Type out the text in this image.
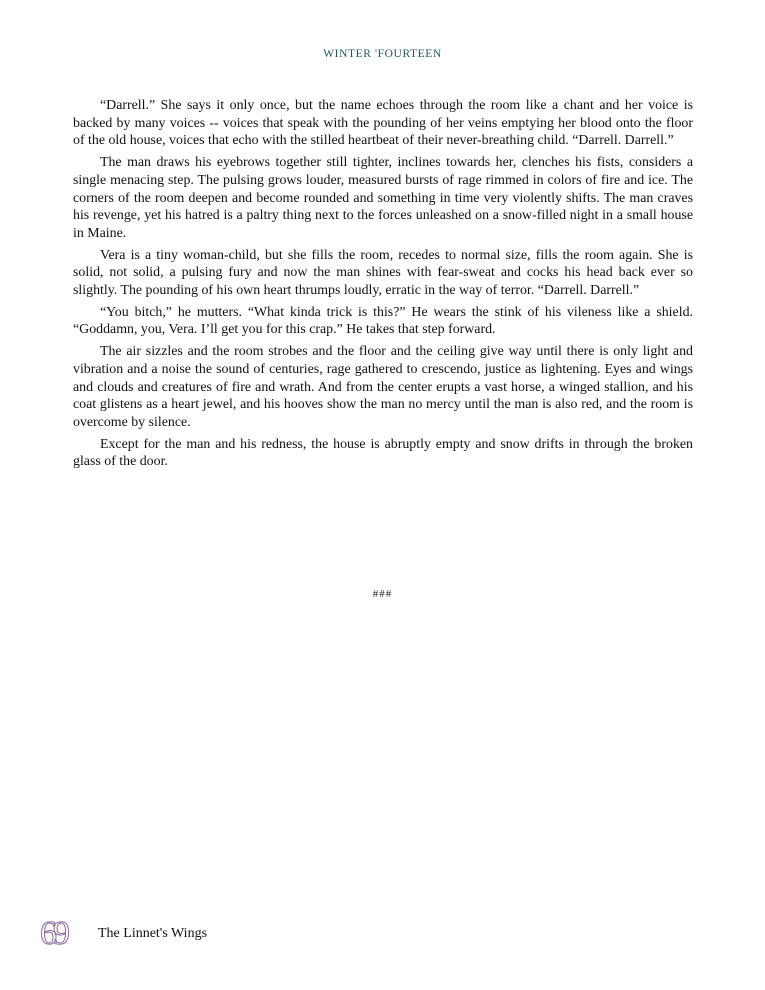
WINTER 'FOURTEEN

“Darrell.” She says it only once, but the name echoes through the room like a chant and her voice is backed by many voices -- voices that speak with the pounding of her veins emptying her blood onto the floor of the old house, voices that echo with the stilled heartbeat of their never-breathing child. “Darrell. Darrell.”

The man draws his eyebrows together still tighter, inclines towards her, clenches his fists, considers a single menacing step. The pulsing grows louder, measured bursts of rage rimmed in colors of fire and ice. The corners of the room deepen and become rounded and something in time very violently shifts. The man craves his revenge, yet his hatred is a paltry thing next to the forces unleashed on a snow-filled night in a small house in Maine.

Vera is a tiny woman-child, but she fills the room, recedes to normal size, fills the room again. She is solid, not solid, a pulsing fury and now the man shines with fear-sweat and cocks his head back ever so slightly. The pounding of his own heart thrumps loudly, erratic in the way of terror. “Darrell. Darrell.”

“You bitch,” he mutters. “What kinda trick is this?” He wears the stink of his vileness like a shield. “Goddamn, you, Vera. I’ll get you for this crap.” He takes that step forward.

The air sizzles and the room strobes and the floor and the ceiling give way until there is only light and vibration and a noise the sound of centuries, rage gathered to crescendo, justice as lightening. Eyes and wings and clouds and creatures of fire and wrath. And from the center erupts a vast horse, a winged stallion, and his coat glistens as a heart jewel, and his hooves show the man no mercy until the man is also red, and the room is overcome by silence.

Except for the man and his redness, the house is abruptly empty and snow drifts in through the broken glass of the door.

###
69	The Linnet's Wings
